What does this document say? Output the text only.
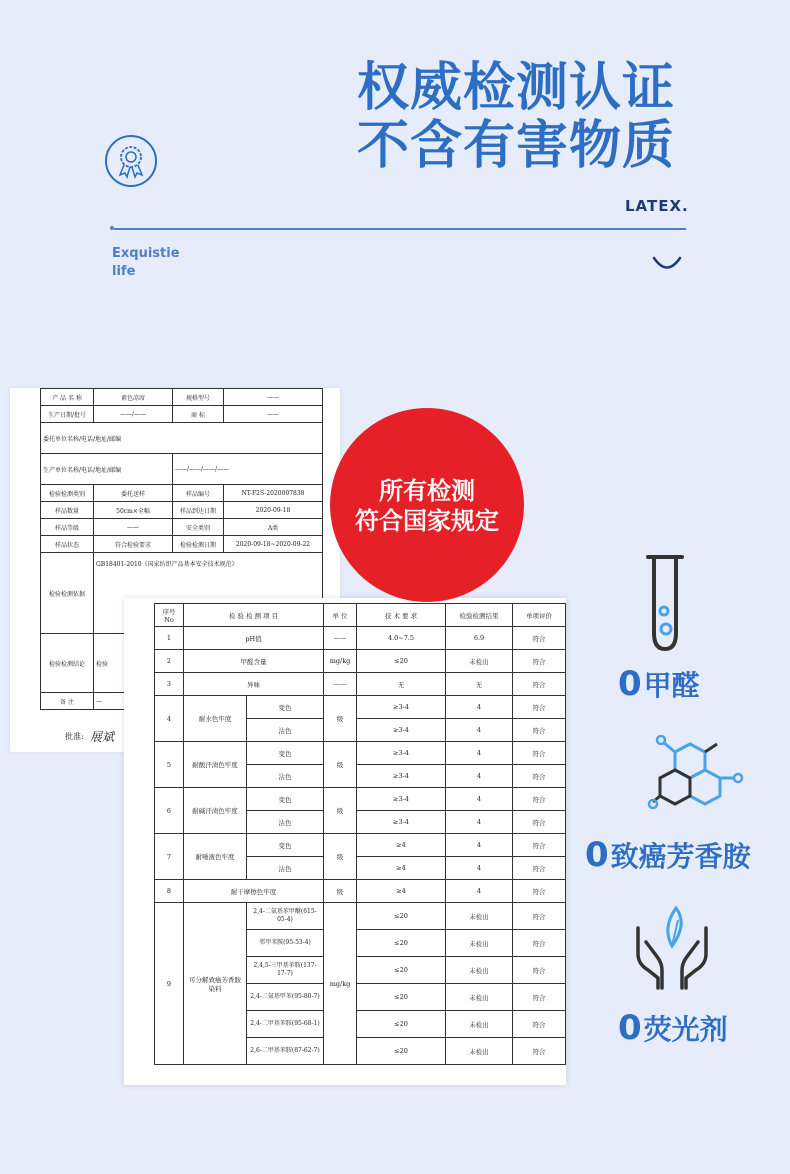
权威检测认证
不含有害物质
LATEX.
Exquistie
life
产 品 名 称	素色凉席	规格型号	——
生产日期/批号	——/——	商 标	——
委托单位名称/电话/地址/邮编			
生产单位名称/电话/地址/邮编		——/——/——/——	
检验检测类别	委托送样	样品编号	NT-F2S-2020007838
样品数量	50cm×全幅	样品到达日期	2020-09-18
样品等级	——	安全类别	A类
样品状态	符合检验要求	检验检测日期	2020-09-18~2020-09-22
检验检测依据	GB18401-2010《国家纺织产品基本安全技术规范》		
检验检测结论	检验		
备 注	—		
批准: 展斌
序号 No	检 验 检 测 项 目		单 位	技 术 要 求	检验检测结果	单项评价
1	pH值		——	4.0~7.5	6.9	符合
2	甲醛含量		mg/kg	≤20	未检出	符合
3	异味		——	无	无	符合
4	耐水色牢度	变色	级	≥3-4	4	符合
		沾色		≥3-4	4	符合
5	耐酸汗渍色牢度	变色	级	≥3-4	4	符合
		沾色		≥3-4	4	符合
6	耐碱汗渍色牢度	变色	级	≥3-4	4	符合
		沾色		≥3-4	4	符合
7	耐唾液色牢度	变色	级	≥4	4	符合
		沾色		≥4	4	符合
8	耐干摩擦色牢度		级	≥4	4	符合
9	可分解致癌芳香胺染料	2,4-二氨基苯甲醚(615-05-4)	mg/kg	≤20	未检出	符合
		邻甲苯胺(95-53-4)		≤20	未检出	符合
		2,4,5-三甲基苯胺(137-17-7)		≤20	未检出	符合
		2,4-二氨基甲苯(95-80-7)		≤20	未检出	符合
		2,4-二甲基苯胺(95-68-1)		≤20	未检出	符合
		2,6-二甲基苯胺(87-62-7)		≤20	未检出	符合
所有检测
符合国家规定
0甲醛
0致癌芳香胺
0荧光剂
